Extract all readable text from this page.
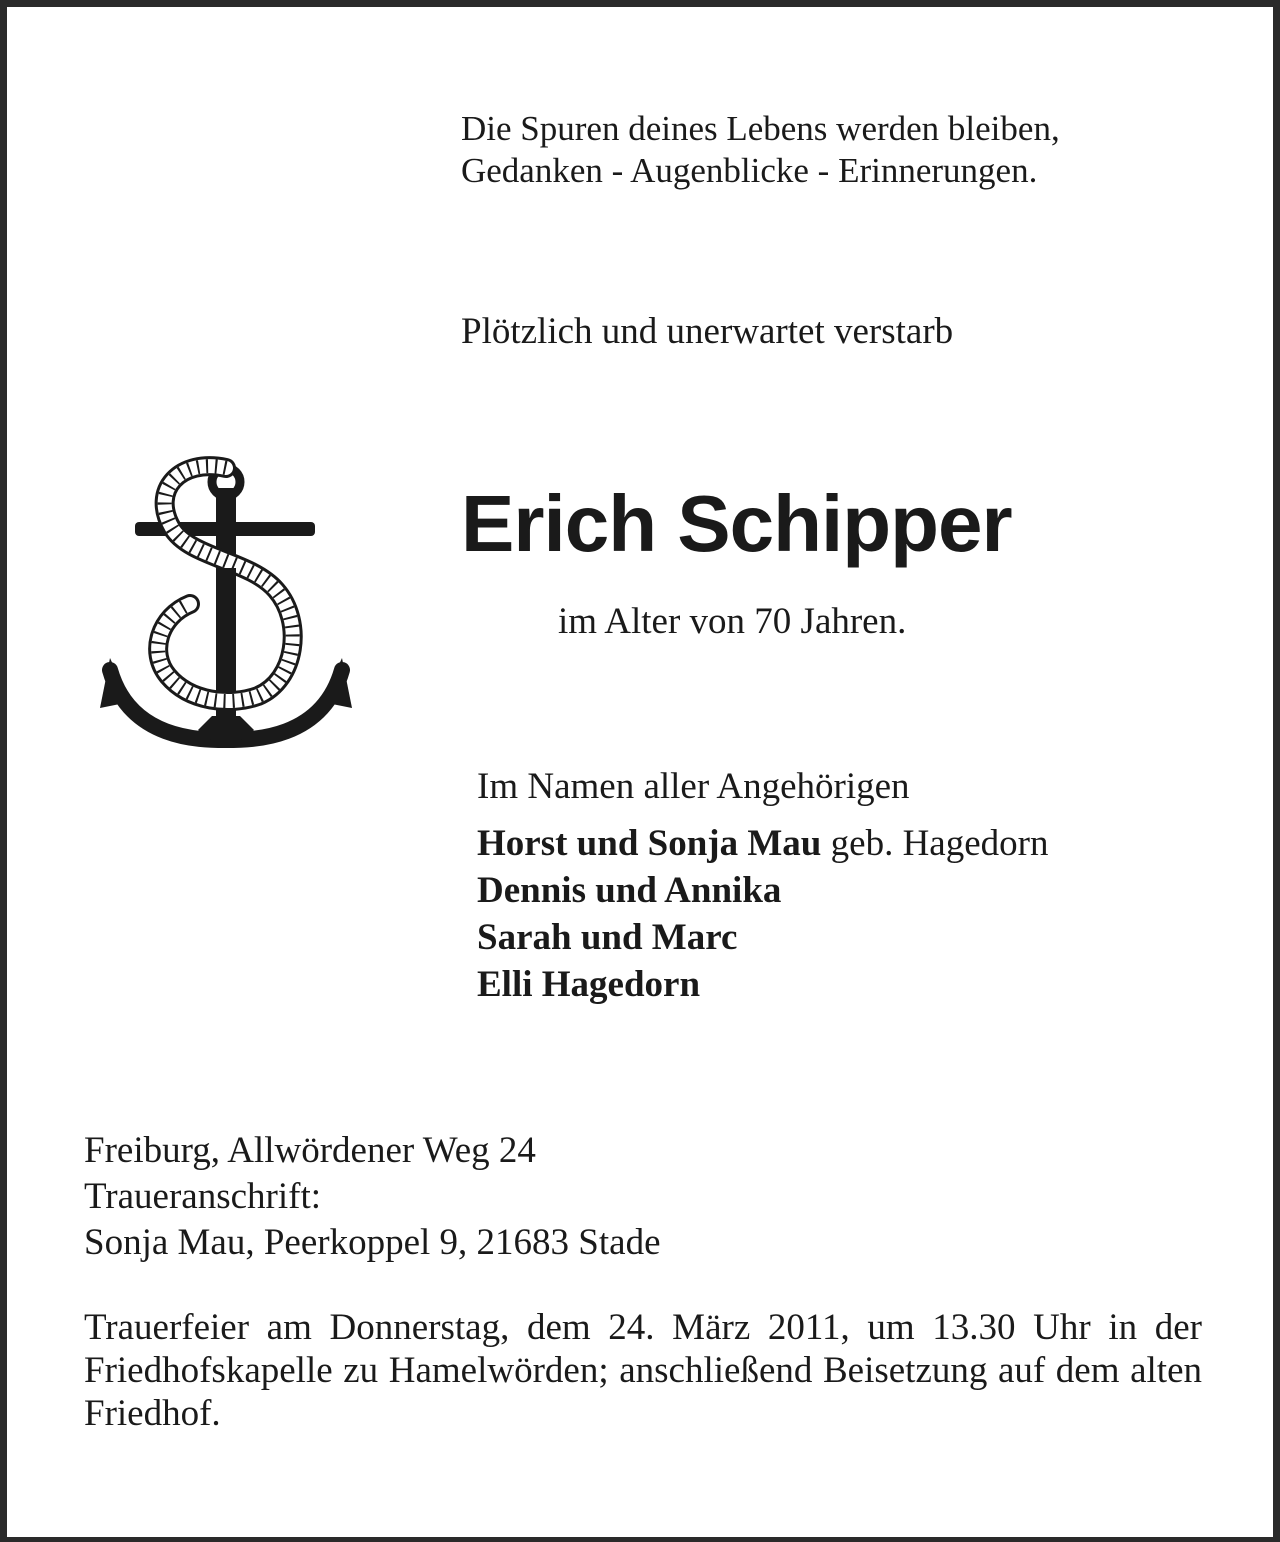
Die Spuren deines Lebens werden bleiben,
Gedanken - Augenblicke - Erinnerungen.
Plötzlich und unerwartet verstarb
Erich Schipper
im Alter von 70 Jahren.
Im Namen aller Angehörigen
Horst und Sonja Mau geb. Hagedorn
Dennis und Annika
Sarah und Marc
Elli Hagedorn
Freiburg, Allwördener Weg 24
Traueranschrift:
Sonja Mau, Peerkoppel 9, 21683 Stade
Trauerfeier am Donnerstag, dem 24. März 2011, um 13.30 Uhr in der Friedhofskapelle zu Hamelwörden; anschließend Beisetzung auf dem alten Friedhof.
